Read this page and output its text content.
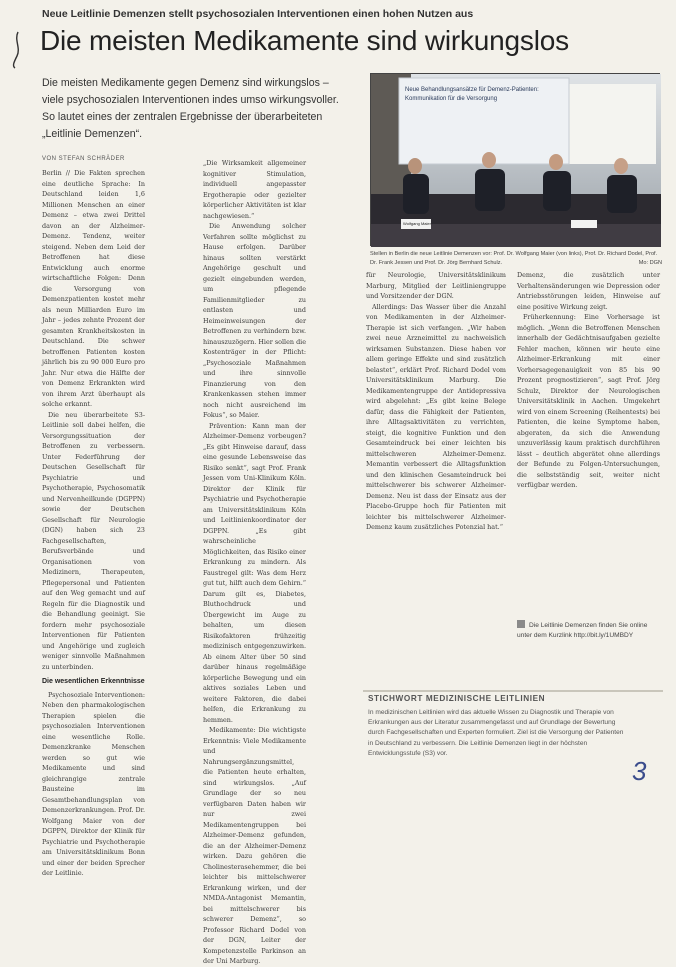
Neue Leitlinie Demenzen stellt psychosozialen Interventionen einen hohen Nutzen aus
Die meisten Medikamente sind wirkungslos
Die meisten Medikamente gegen Demenz sind wirkungslos – viele psychosozialen Interventionen indes umso wirkungsvoller. So lautet eines der zentralen Ergebnisse der überarbeiteten „Leitlinie Demenzen“.
VON STEFAN SCHRÄDER

Berlin // Die Fakten sprechen eine deutliche Sprache: In Deutschland leiden 1,6 Millionen Menschen an einer Demenz – etwa zwei Drittel davon an der Alzheimer-Demenz. Tendenz, weiter steigend. Neben dem Leid der Betroffenen hat diese Entwicklung auch enorme wirtschaftliche Folgen: Denn die Versorgung von Demenzpatienten kostet mehr als neun Milliarden Euro im Jahr – jedes zehnte Prozent der gesamten Krankheitskosten in Deutschland. Die schwer betroffenen Patienten kosten jährlich bis zu 90 000 Euro pro Jahr. Nur etwa die Hälfte der von Demenz Erkrankten wird von ihrem Arzt überhaupt als solche erkannt.

Die neu überarbeitete S3-Leitlinie soll dabei helfen, die Versorgungssituation der Betroffenen zu verbessern. Unter Federführung der Deutschen Gesellschaft für Psychiatrie und Psychotherapie, Psychosomatik und Nervenheilkunde (DGPPN) sowie der Deutschen Gesellschaft für Neurologie (DGN) haben sich 23 Fachgesellschaften, Berufsverbände und Organisationen von Medizinern, Therapeuten, Pflegepersonal und Patienten auf den Weg gemacht und auf Regeln für die Diagnostik und die Behandlung geeinigt. Sie fordern mehr psychosoziale Interventionen für Patienten und Angehörige und zugleich weniger sinnvolle Maßnahmen zu unterbinden.

Die wesentlichen Erkenntnisse

Psychosoziale Interventionen: Neben den pharmakologischen Therapien spielen die psychosozialen Interventionen eine wesentliche Rolle. Demenzkranke Menschen werden so gut wie Medikamente und sind gleichrangige zentrale Bausteine im Gesamtbehandlungsplan von Demenzerkrankungen. Prof. Dr. Wolfgang Maier von der DGPPN, Direktor der Klinik für Psychiatrie und Psychotherapie am Universitätsklinikum Bonn und einer der beiden Sprecher der Leitlinie.

„Die Wirksamkeit allgemeiner kognitiver Stimulation, individuell angepasster Ergotherapie oder gezielter körperlicher Aktivitäten ist klar nachgewiesen.“

Die Anwendung solcher Verfahren sollte möglichst zu Hause erfolgen. Darüber hinaus sollten verstärkt Angehörige geschult und gezielt eingebunden werden, um pflegende Familienmitglieder zu entlasten und Heimeinweisungen der Betroffenen zu verhindern bzw. hinauszuzögern. Hier sollen die Kostenträger in der Pflicht: „Psychosoziale Maßnahmen und ihre sinnvolle Finanzierung von den Krankenkassen stehen immer noch nicht ausreichend im Fokus“, so Maier.

Prävention: Kann man der Alzheimer-Demenz vorbeugen? „Es gibt Hinweise darauf, dass eine gesunde Lebensweise das Risiko senkt“, sagt Prof. Frank Jessen vom Uni-Klinikum Köln. Direktor der Klinik für Psychiatrie und Psychotherapie am Universitätsklinikum Köln und Leitlinienkoordinator der DGPPN. „Es gibt wahrscheinliche Möglichkeiten, das Risiko einer Erkrankung zu mindern. Als Faustregel gilt: Was dem Herz gut tut, hilft auch dem Gehirn.“ Darum gilt es, Diabetes, Bluthochdruck und Übergewicht im Auge zu behalten, um diesen Risikofaktoren frühzeitig medizinisch entgegenzuwirken. Ab einem Alter über 50 sind darüber hinaus regelmäßige körperliche Bewegung und ein aktives soziales Leben und weitere Faktoren, die dabei helfen, die Erkrankung zu hemmen.

Medikamente: Die wichtigste Erkenntnis: Viele Medikamente und Nahrungsergänzungsmittel, die Patienten heute erhalten, sind wirkungslos. „Auf Grundlage der so neu verfügbaren Daten haben wir nur zwei Medikamentengruppen bei Alzheimer-Demenz gefunden, die an der Alzheimer-Demenz wirken. Dazu gehören die Cholinesterasehemmer, die bei leichter bis mittelschwerer Erkrankung wirken, und der NMDA-Antagonist Memantin, bei mittelschwerer bis schwerer Demenz“, so Professor Richard Dodel von der DGN, Leiter der Kompetenzstelle Parkinson an der Uni Marburg.

für Neurologie, Universitätsklinikum Marburg, Mitglied der Leitliniengruppe und Vorsitzender der DGN.

Allerdings: Das Wasser über die Anzahl von Medikamenten in der Alzheimer-Therapie ist sich verfangen. „Wir haben zwei neue Arzneimittel zu nachweislich wirksamen Substanzen. Diese haben vor allem geringe Effekte und sind zusätzlich belastet“, erklärt Prof. Richard Dodel vom Universitätsklinikum Marburg. Die Medikamentengruppe der Antidepressiva wird abgelehnt: „Es gibt keine Belege dafür, dass die Fähigkeit der Patienten, ihre Alltagsaktivitäten zu verrichten, steigt, die kognitive Funktion und den Gesamteindruck bei einer leichten bis mittelschweren Alzheimer-Demenz. Memantin verbessert die Alltagsfunktion und den klinischen Gesamteindruck bei mittelschwerer bis schwerer Alzheimer-Demenz. Neu ist dass der Einsatz aus der Placebo-Gruppe hoch für Patienten mit leichter bis mittelschwerer Alzheimer-Demenz kaum zusätzliches Potenzial hat.“

Demenz, die zusätzlich unter Verhaltensänderungen wie Depression oder Antriebsstörungen leiden, Hinweise auf eine positive Wirkung zeigt.

Früherkennung: Eine Vorhersage ist möglich. „Wenn die Betroffenen Menschen innerhalb der Gedächtnisaufgaben gezielte Fehler machen, können wir heute eine Alzheimer-Erkrankung mit einer Vorhersagegenauigkeit von 85 bis 90 Prozent prognostizieren“, sagt Prof. Jörg Schulz, Direktor der Neurologischen Universitätsklinik in Aachen. Umgekehrt wird von einem Screening (Reihentests) bei Patienten, die keine Symptome haben, abgeraten, da sich die Anwendung unzuverlässig kaum praktisch durchführen lässt – deutlich abgerätet ohne allerdings der Befunde zu Folgen-Untersuchungen, die selbstständig seit, weiter nicht verfügbar werden.

Neue Behandlungsansätze für Demenz-Patienten:
Kommunikation für die Versorgung
Wolfgang Maier
Stellen in Berlin die neue Leitlinie Demenzen vor: Prof. Dr. Wolfgang Maier (von links), Prof. Dr. Richard Dodel, Prof. Dr. Frank Jessen und Prof. Dr. Jörg Bernhard Schulz.	Mo: DGN
Die Leitlinie Demenzen finden Sie online unter dem Kurzlink http://bit.ly/1UMBDY
STICHWORT MEDIZINISCHE LEITLINIEN
In medizinischen Leitlinien wird das aktuelle Wissen zu Diagnostik und Therapie von Erkrankungen aus der Literatur zusammengefasst und auf Grundlage der Bewertung durch Fachgesellschaften und Experten formuliert. Ziel ist die Versorgung der Patienten in Deutschland zu verbessern. Die Leitlinie Demenzen liegt in der höchsten Entwicklungsstufe (S3) vor.
3
